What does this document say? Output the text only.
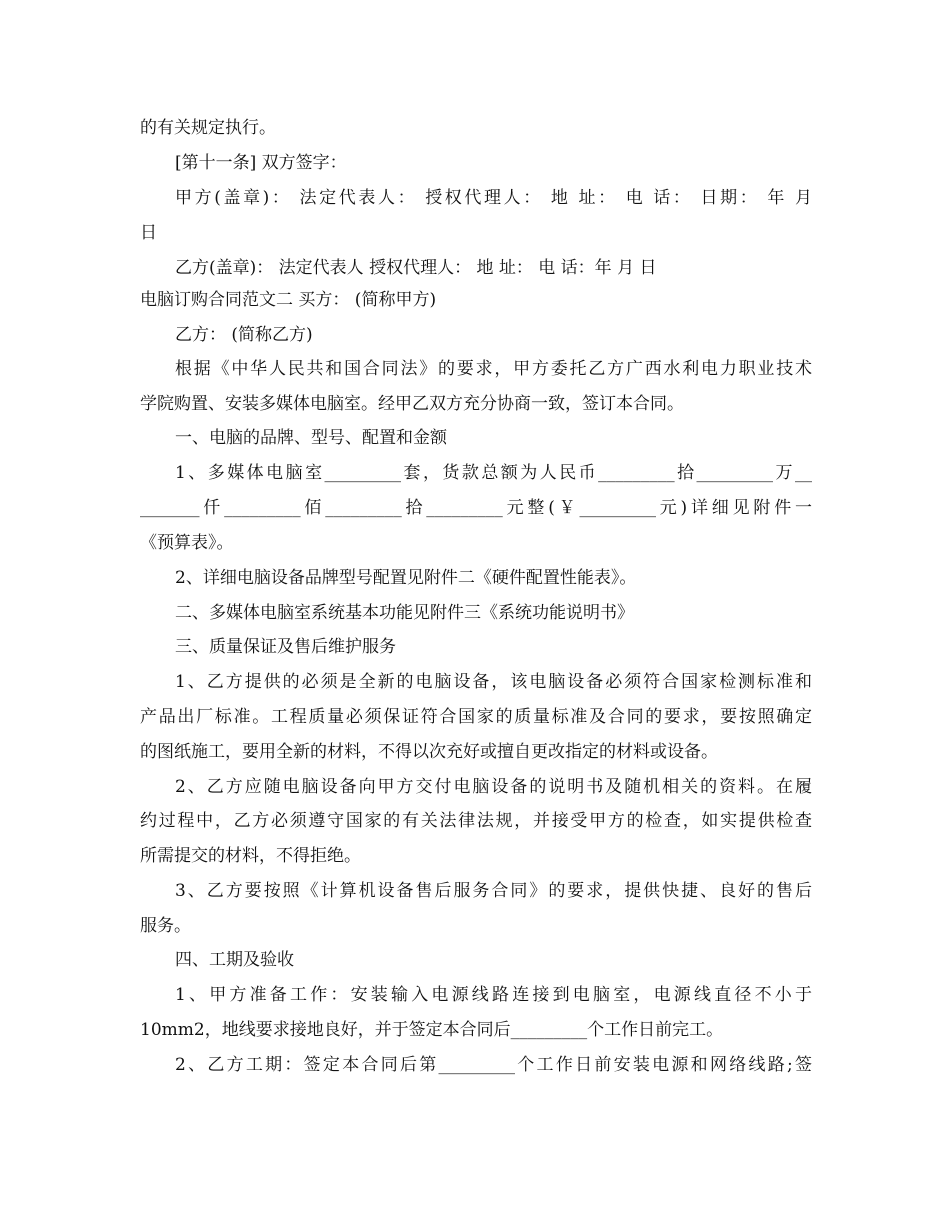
的有关规定执行。
[第十一条] 双方签字：
甲方(盖章)： 法定代表人： 授权代理人： 地 址： 电 话： 日期： 年 月
日
乙方(盖章)： 法定代表人 授权代理人： 地 址： 电 话：年 月 日
电脑订购合同范文二 买方： (简称甲方)
乙方： (简称乙方)
根据《中华人民共和国合同法》的要求，甲方委托乙方广西水利电力职业技术
学院购置、安装多媒体电脑室。经甲乙双方充分协商一致，签订本合同。
一、电脑的品牌、型号、配置和金额
1、多媒体电脑室_________套，货款总额为人民币_________拾_________万__
_______仟_________佰_________拾_________元整(￥_________元)详细见附件一
《预算表》。
2、详细电脑设备品牌型号配置见附件二《硬件配置性能表》。
二、多媒体电脑室系统基本功能见附件三《系统功能说明书》
三、质量保证及售后维护服务
1、乙方提供的必须是全新的电脑设备，该电脑设备必须符合国家检测标准和
产品出厂标准。工程质量必须保证符合国家的质量标准及合同的要求，要按照确定
的图纸施工，要用全新的材料，不得以次充好或擅自更改指定的材料或设备。
2、乙方应随电脑设备向甲方交付电脑设备的说明书及随机相关的资料。在履
约过程中，乙方必须遵守国家的有关法律法规，并接受甲方的检查，如实提供检查
所需提交的材料，不得拒绝。
3、乙方要按照《计算机设备售后服务合同》的要求，提供快捷、良好的售后
服务。
四、工期及验收
1、甲方准备工作：安装输入电源线路连接到电脑室，电源线直径不小于
10mm2，地线要求接地良好，并于签定本合同后_________个工作日前完工。
2、乙方工期：签定本合同后第_________个工作日前安装电源和网络线路;签
